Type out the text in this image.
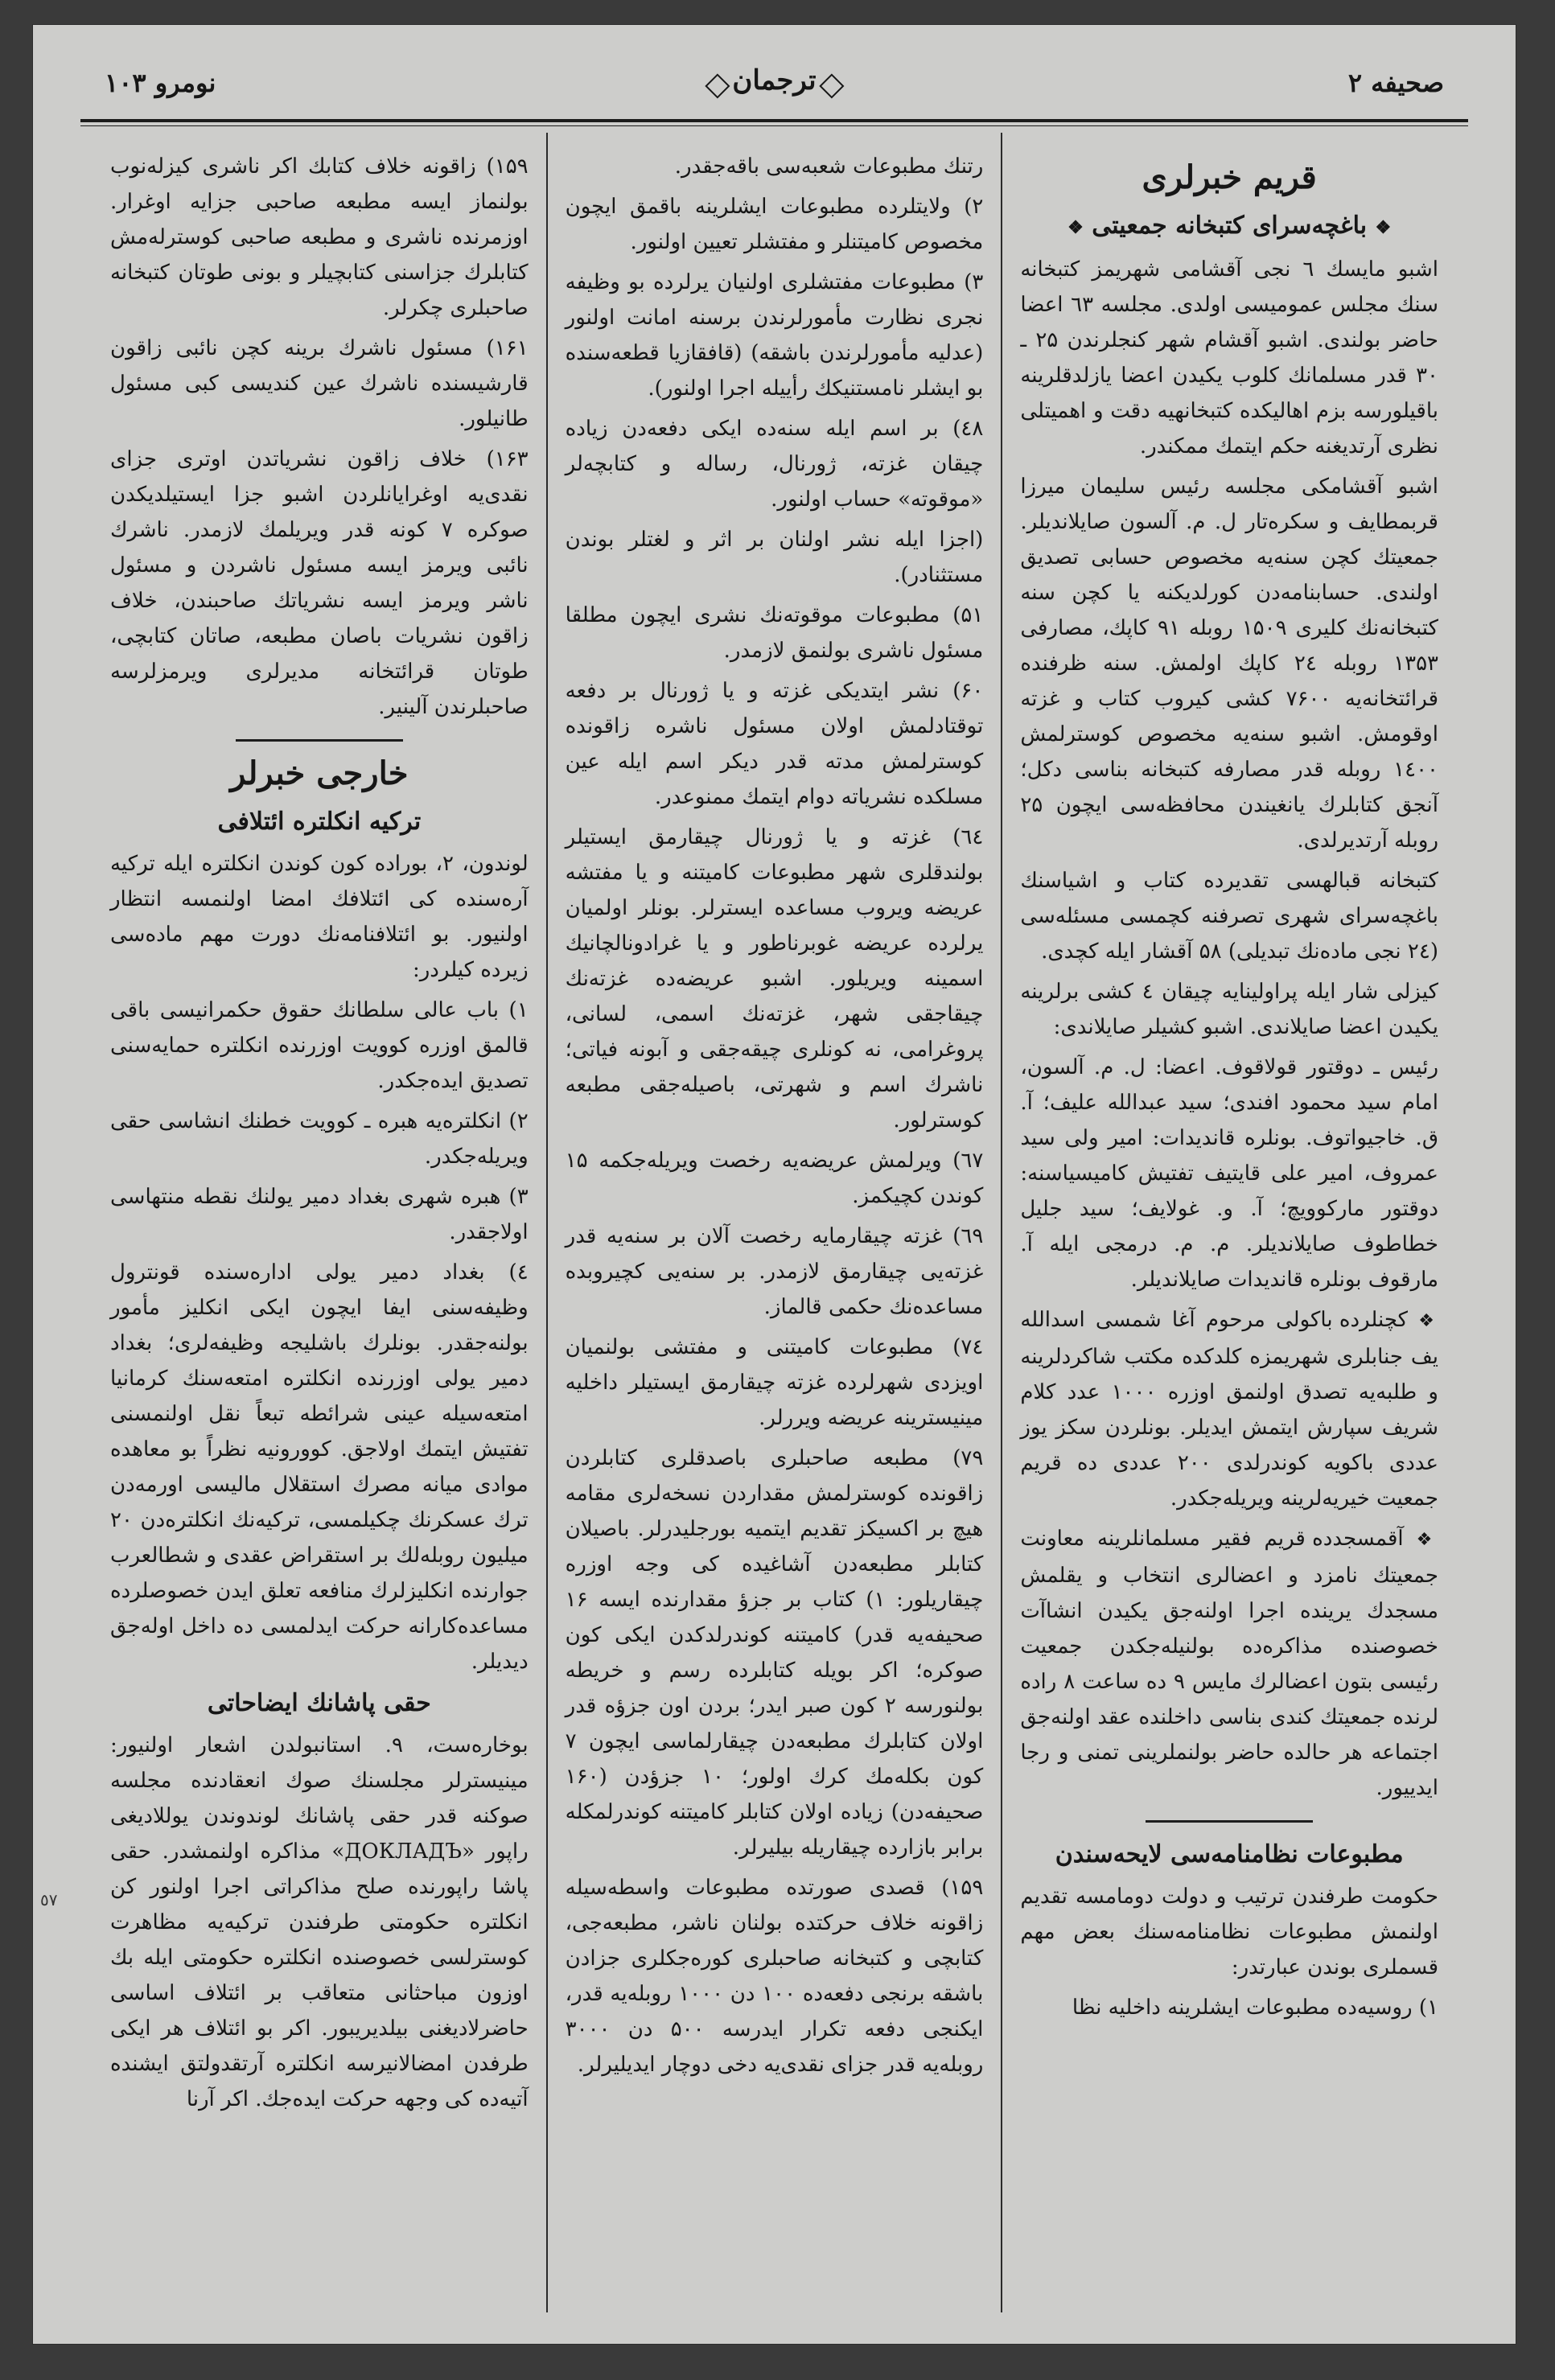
صحیفه ۲
ترجمان
نومرو ۱۰۳
قریم خبرلری
❖ باغچەسرای کتبخانه جمعیتی ❖

اشبو مایسك ٦ نجی آقشامی شهریمز کتبخانه سنك مجلس عمومیسی اولدی. مجلسه ٦٣ اعضا حاضر بولندی. اشبو آقشام شهر کنجلرندن ۲۵ ـ ۳۰ قدر مسلمانك کلوب یکیدن اعضا یازلدقلرینه باقیلورسه بزم اهالیکده کتبخانهیه دقت و اهمیتلی نظری آرتدیغنه حکم ایتمك ممکندر.

اشبو آقشامکی مجلسه رئیس سلیمان میرزا قربمطایف و سکرەتار ل. م. آلسون صایلاندیلر. جمعیتك کچن سنەیه مخصوص حسابی تصدیق اولندی. حسابنامەدن کورلدیکنه یا کچن سنه کتبخانەنك کلیری ۱۵۰۹ روبله ۹۱ کاپك، مصارفی ۱۳۵۳ روبله ۲٤ کاپك اولمش. سنه ظرفنده قرائتخانەیه ۷۶۰۰ کشی کیروب کتاب و غزته اوقومش. اشبو سنەیه مخصوص کوسترلمش ۱٤۰۰ روبله قدر مصارفه کتبخانه بناسی دکل؛ آنجق کتابلرك یانغیندن محافظەسی ایچون ۲۵ روبله آرتدیرلدی.

کتبخانه قبالهسی تقدیرده کتاب و اشیاسنك باغچەسرای شهری تصرفنه کچمسی مسئلەسی (۲٤ نجی مادەنك تبدیلی) ۵۸ آقشار ایله کچدی.

کیزلی شار ایله پراولینایه چیقان ٤ کشی برلرینه یکیدن اعضا صایلاندی. اشبو کشیلر صایلاندی:

رئیس ـ دوقتور قولاقوف. اعضا: ل. م. آلسون، امام سید محمود افندی؛ سید عبدالله علیف؛ آ. ق. خاجیواتوف. بونلره قاندیدات: امیر ولی سید عمروف، امیر علی قایتیف تفتیش کامیسیاسنه: دوقتور مارکوویچ؛ آ. و. غولایف؛ سید جلیل خطاطوف صایلاندیلر. م. م. درمجی ایله آ. مارقوف بونلره قاندیدات صایلاندیلر.

❖ کچنلرده باکولی مرحوم آغا شمسی اسدالله یف جنابلری شهریمزه کلدکده مکتب شاکردلرینه و طلبەیه تصدق اولنمق اوزره ۱۰۰۰ عدد کلام شریف سپارش ایتمش ایدیلر. بونلردن سکز یوز عددی باکویه کوندرلدی ۲۰۰ عددی ده قریم جمعیت خیریەلرینه ویریلەجکدر.

❖ آقمسجدده قریم فقیر مسلمانلرینه معاونت جمعیتك نامزد و اعضالری انتخاب و یقلمش مسجدك یرینده اجرا اولنەجق یکیدن انشاآت خصوصنده مذاکرەده بولنیلەجکدن جمعیت رئیسی بتون اعضالرك مایس ۹ ده ساعت ۸ راده لرنده جمعیتك کندی بناسی داخلنده عقد اولنەجق اجتماعه هر حالده حاضر بولنملرینی تمنی و رجا ایدییور.

مطبوعات نظامنامەسی لایحەسندن

حکومت طرفندن ترتیب و دولت دومامسه تقدیم اولنمش مطبوعات نظامنامەسنك بعض مهم قسملری بوندن عبارتدر:

۱) روسیەده مطبوعات ایشلرینه داخلیه نظا

رتنك مطبوعات شعبەسی باقەجقدر.

۲) ولایتلرده مطبوعات ایشلرینه باقمق ایچون مخصوص کامیتنلر و مفتشلر تعیین اولنور.

۳) مطبوعات مفتشلری اولنیان یرلرده بو وظیفه نجری نظارت مأمورلرندن برسنه امانت اولنور (عدلیه مأمورلرندن باشقه) (قافقازیا قطعەسنده بو ایشلر نامستنیکك رأییله اجرا اولنور).

٤۸) بر اسم ایله سنەده ایکی دفعەدن زیادە چیقان غزته، ژورنال، رساله و کتابچەلر «موقوته» حساب اولنور.

(اجزا ایله نشر اولنان بر اثر و لغتلر بوندن مستثنادر).

۵۱) مطبوعات موقوتەنك نشری ایچون مطلقا مسئول ناشری بولنمق لازمدر.

۶۰) نشر ایتدیکی غزته و یا ژورنال بر دفعه توقتادلمش اولان مسئول ناشره زاقونده کوسترلمش مدته قدر دیکر اسم ایله عین مسلکده نشریاته دوام ایتمك ممنوعدر.

٦٤) غزته و یا ژورنال چیقارمق ایستیلر بولندقلری شهر مطبوعات کامیتنه و یا مفتشه عریضه ویروب مساعده ایسترلر. بونلر اولمیان یرلرده عریضه غوبرناطور و یا غرادونالچانیك اسمینه ویریلور. اشبو عریضەده غزتەنك چیقاجقی شهر، غزتەنك اسمی، لسانی، پروغرامی، نه کونلری چیقەجقی و آبونه فیاتی؛ ناشرك اسم و شهرتی، باصیلەجقی مطبعه کوسترلور.

٦۷) ویرلمش عریضەیه رخصت ویریلەجکمه ۱۵ کوندن کچیکمز.

٦۹) غزته چیقارمایه رخصت آلان بر سنەیه قدر غزتەیی چیقارمق لازمدر. بر سنەیی کچیروبده مساعده‌نك حکمی قالماز.

۷٤) مطبوعات کامیتنی و مفتشی بولنمیان اویزدی شهرلرده غزته چیقارمق ایستیلر داخلیه مینیسترینه عریضه ویررلر.

۷۹) مطبعه صاحبلری باصدقلری کتابلردن زاقونده کوسترلمش مقداردن نسخەلری مقامه هیچ بر اکسیکز تقدیم ایتمیه بورجلیدرلر. باصیلان کتابلر مطبعەدن آشاغیده کی وجه اوزره چیقاریلور: ۱) کتاب بر جزؤ مقدارنده ایسه ۱۶ صحیفەیه قدر) کامیتنه کوندرلدکدن ایکی کون صوکره؛ اکر بویله کتابلرده رسم و خریطه بولنورسه ۲ کون صبر ایدر؛ بردن اون جزؤه قدر اولان کتابلرك مطبعەدن چیقارلماسی ایچون ۷ کون بکلەمك کرك اولور؛ ۱۰ جزؤدن (۱۶۰ صحیفەدن) زیاده اولان کتابلر کامیتنه کوندرلمکله برابر بازارده چیقاریله بیلیرلر.

۱۵۹) قصدی صورتده مطبوعات واسطەسیله زاقونه خلاف حرکتده بولنان ناشر، مطبعەجی، کتابچی و کتبخانه صاحبلری کورەجکلری جزادن باشقه برنجی دفعەده ۱۰۰ دن ۱۰۰۰ روبلەیه قدر، ایکنجی دفعه تکرار ایدرسه ۵۰۰ دن ۳۰۰۰ روبلەیه قدر جزای نقدی‌یه دخی دوچار ایدیلیرلر.

۱۵۹) زاقونه خلاف کتابك اکر ناشری کیزلەنوب بولنماز ایسه مطبعه صاحبی جزایه اوغرار. اوزمرنده ناشری و مطبعه صاحبی کوسترلەمش کتابلرك جزاسنی کتابچیلر و بونی طوتان کتبخانه صاحبلری چکرلر.

۱۶۱) مسئول ناشرك برینه کچن نائبی زاقون قارشیسنده ناشرك عین کندیسی کبی مسئول طانیلور.

۱۶۳) خلاف زاقون نشریاتدن اوتری جزای نقدی‌یه اوغرایانلردن اشبو جزا ایستیلدیکدن صوکره ۷ کونه قدر ویریلمك لازمدر. ناشرك نائبی ویرمز ایسه مسئول ناشردن و مسئول ناشر ویرمز ایسه نشریاتك صاحبندن، خلاف زاقون نشریات باصان مطبعه، صاتان کتابچی، طوتان قرائتخانه مدیرلری ویرمزلرسه صاحبلرندن آلینیر.

خارجی خبرلر
ترکیه انکلتره ائتلافی

لوندون، ۲، بورادە کون کوندن انکلتره ایله ترکیه آرەسنده کی ائتلافك امضا اولنمسه انتظار اولنیور. بو ائتلافنامەنك دورت مهم مادەسی زیرده کیلردر:

۱) باب عالی سلطانك حقوق حکمرانیسی باقی قالمق اوزره کوویت اوزرنده انکلتره حمایەسنی تصدیق ایدەجکدر.

۲) انکلترەیه هبره ـ کوویت خطنك انشاسی حقی ویریلەجکدر.

۳) هبره شهری بغداد دمیر یولنك نقطه منتهاسی اولاجقدر.

٤) بغداد دمیر یولی ادارەسنده قونترول وظیفەسنی ایفا ایچون ایکی انکلیز مأمور بولنەجقدر. بونلرك باشلیجه وظیفەلری؛ بغداد دمیر یولی اوزرنده انکلتره امتعەسنك کرمانیا امتعەسیله عینی شرائطه تبعاً نقل اولنمسنی تفتیش ایتمك اولاجق. کوورونیه نظراً بو معاهده موادی میانه مصرك استقلال مالیسی اورمەدن ترك عسکرنك چکیلمسی، ترکیەنك انکلترەدن ۲۰ میلیون روبلەلك بر استقراض عقدی و شطالعرب جوارنده انکلیزلرك منافعه تعلق ایدن خصوصلرده مساعدەکارانه حرکت ایدلمسی ده داخل اولەجق دیدیلر.

حقی پاشانك ایضاحاتی

بوخارەست، ۹. استانبولدن اشعار اولنیور: مینیسترلر مجلسنك صوك انعقادنده مجلسه صوکنه قدر حقی پاشانك لوندوندن یوللادیغی راپور «ДОКЛАДЪ» مذاکره اولنمشدر. حقی پاشا راپورنده صلح مذاکراتی اجرا اولنور کن انکلتره حکومتی طرفندن ترکیه‌یه مظاهرت کوسترلسی خصوصنده انکلتره حکومتی ایله بك اوزون مباحثانی متعاقب بر ائتلاف اساسی حاضرلادیغنی بیلدیریبور. اکر بو ائتلاف هر ایکی طرفدن امضالانیرسه انکلتره آرتقدولتق ایشنده آتیەده کی وجهه حرکت ایدەجك. اکر آرنا

٥٧
